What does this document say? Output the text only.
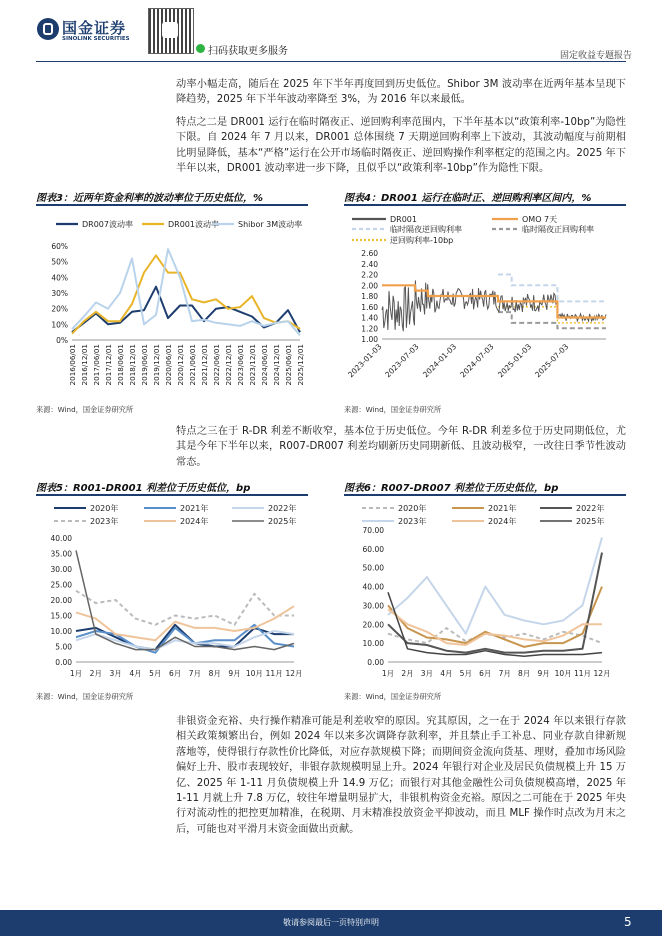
国金证券
SINOLINK SECURITIES
扫码获取更多服务	固定收益专题报告
动率小幅走高，随后在 2025 年下半年再度回到历史低位。Shibor 3M 波动率在近两年基本呈现下降趋势，2025 年下半年波动率降至 3%，为 2016 年以来最低。
特点之二是 DR001 运行在临时隔夜正、逆回购利率范围内，下半年基本以“政策利率-10bp”为隐性下限。自 2024 年 7 月以来，DR001 总体围绕 7 天期逆回购利率上下波动，其波动幅度与前期相比明显降低，基本“严格”运行在公开市场临时隔夜正、逆回购操作利率框定的范围之内。2025 年下半年以来，DR001 波动率进一步下降，且似乎以“政策利率-10bp”作为隐性下限。
图表3：近两年资金利率的波动率位于历史低位，%	图表4：DR001 运行在临时正、逆回购利率区间内，%
DR007波动率	DR001波动率 Shibor 3M波动率
0%
10%
20%
30%
40%
50%
60%
2016/06/01 2016/12/01 2017/06/01 2017/12/01 2018/06/01 2018/12/01 2019/06/01 2019/12/01 2020/06/01 2020/12/01 2021/06/01 2021/12/01 2022/06/01 2022/12/01 2023/06/01 2023/12/01 2024/06/01 2024/12/01 2025/06/01 2025/12/01
DR001	OMO 7天
临时隔夜逆回购利率	临时隔夜正回购利率
逆回购利率-10bp
1.00
1.20
1.40
1.60
1.80
2.00
2.20
2.40
2.60
2023-01-03 2023-07-03 2024-01-03 2024-07-03 2025-01-03 2025-07-03
来源：Wind，国金证券研究所	来源：Wind，国金证券研究所
特点之三在于 R-DR 利差不断收窄，基本位于历史低位。今年 R-DR 利差多位于历史同期低位，尤其是今年下半年以来，R007-DR007 利差均刷新历史同期新低、且波动极窄，一改往日季节性波动常态。
图表5：R001-DR001 利差位于历史低位，bp	图表6：R007-DR007 利差位于历史低位，bp
2020年	2021年	2022年
2023年	2024年	2025年
0.00
5.00
10.00
15.00
20.00
25.00
30.00
35.00
40.00
1月 2月 3月 4月 5月 6月 7月 8月 9月 10月 11月 12月
2020年	2021年	2022年
2023年	2024年	2025年
0.00
10.00
20.00
30.00
40.00
50.00
60.00
70.00
1月 2月 3月 4月 5月 6月 7月 8月 9月 10月 11月 12月
来源：Wind，国金证券研究所	来源：Wind，国金证券研究所
非银资金充裕、央行操作精准可能是利差收窄的原因。究其原因，之一在于 2024 年以来银行存款相关政策频繁出台，例如 2024 年以来多次调降存款利率，并且禁止手工补息、同业存款自律新规落地等，使得银行存款性价比降低，对应存款规模下降；而期间资金流向货基、理财，叠加市场风险偏好上升、股市表现较好，非银存款规模明显上升。2024 年银行对企业及居民负债规模上升 15 万亿、2025 年 1-11 月负债规模上升 14.9 万亿；而银行对其他金融性公司负债规模高增，2025 年 1-11 月就上升 7.8 万亿，较往年增量明显扩大，非银机构资金充裕。原因之二可能在于 2025 年央行对流动性的把控更加精准，在税期、月末精准投放资金平抑波动，而且 MLF 操作时点改为月末之后，可能也对平滑月末资金面做出贡献。
敬请参阅最后一页特别声明	5
